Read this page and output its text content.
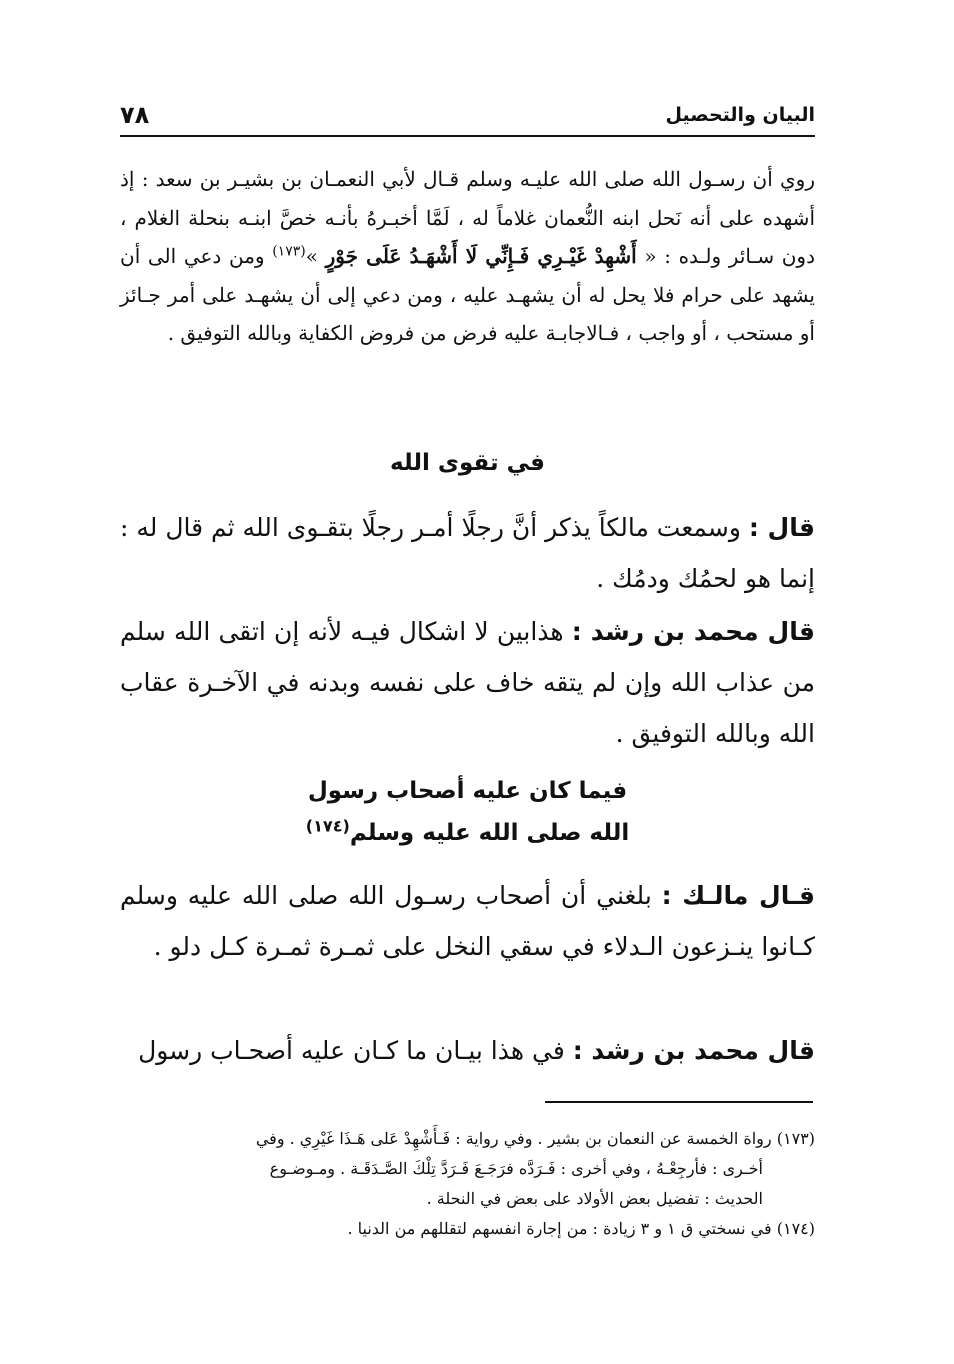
البيان والتحصيل
٧٨
روي أن رسـول الله صلى الله عليـه وسلم قـال لأبي النعمـان بن بشيـر بن سعد : إذ أشهده على أنه نَحل ابنه النُّعمان غلاماً له ، لَمَّا أخبـرهُ بأنـه خصَّ ابنـه بنحلة الغلام ، دون سـائر ولـده : « أَشْهِدْ غَيْـرِي فَـإِنِّي لَا أَشْهَـدُ عَلَى جَوْرٍ »$^{(١٧٣)}$ ومن دعي الى أن يشهد على حرام فلا يحل له أن يشهـد عليه ، ومن دعي إلى أن يشهـد على أمر جـائز أو مستحب ، أو واجب ، فـالاجابـة عليه فرض من فروض الكفاية وبالله التوفيق .
في تقوى الله
قال : وسمعت مالكاً يذكر أنَّ رجلًا أمـر رجلًا بتقـوى الله ثم قال له : إنما هو لحمُك ودمُك .
قال محمد بن رشد : هذابين لا اشكال فيـه لأنه إن اتقى الله سلم من عذاب الله وإن لم يتقه خاف على نفسه وبدنه في الآخـرة عقاب الله وبالله التوفيق .
فيما كان عليه أصحاب رسول
الله صلى الله عليه وسلم$^{(١٧٤)}$
قـال مالـك : بلغني أن أصحاب رسـول الله صلى الله عليه وسلم كـانوا ينـزعون الـدلاء في سقي النخل على ثمـرة ثمـرة كـل دلو .
قال محمد بن رشد : في هذا بيـان ما كـان عليه أصحـاب رسول

(١٧٣) رواة الخمسة عن النعمان بن بشير . وفي رواية : فَـأَشْهِدْ عَلى هَـذَا غَيْرِي . وفي

أخـرى : فأرجِعْـهُ ، وفي أخرى : فَـرَدَّه فرَجَـعَ فَـرَدَّ تِلْكَ الصَّـدَقَـة . ومـوضـوع

الحديث : تفضيل بعض الأولاد على بعض في النحلة .

(١٧٤) في نسختي ق ١ و ٣ زيادة : من إجارة انفسهم لتقللهم من الدنيا .
